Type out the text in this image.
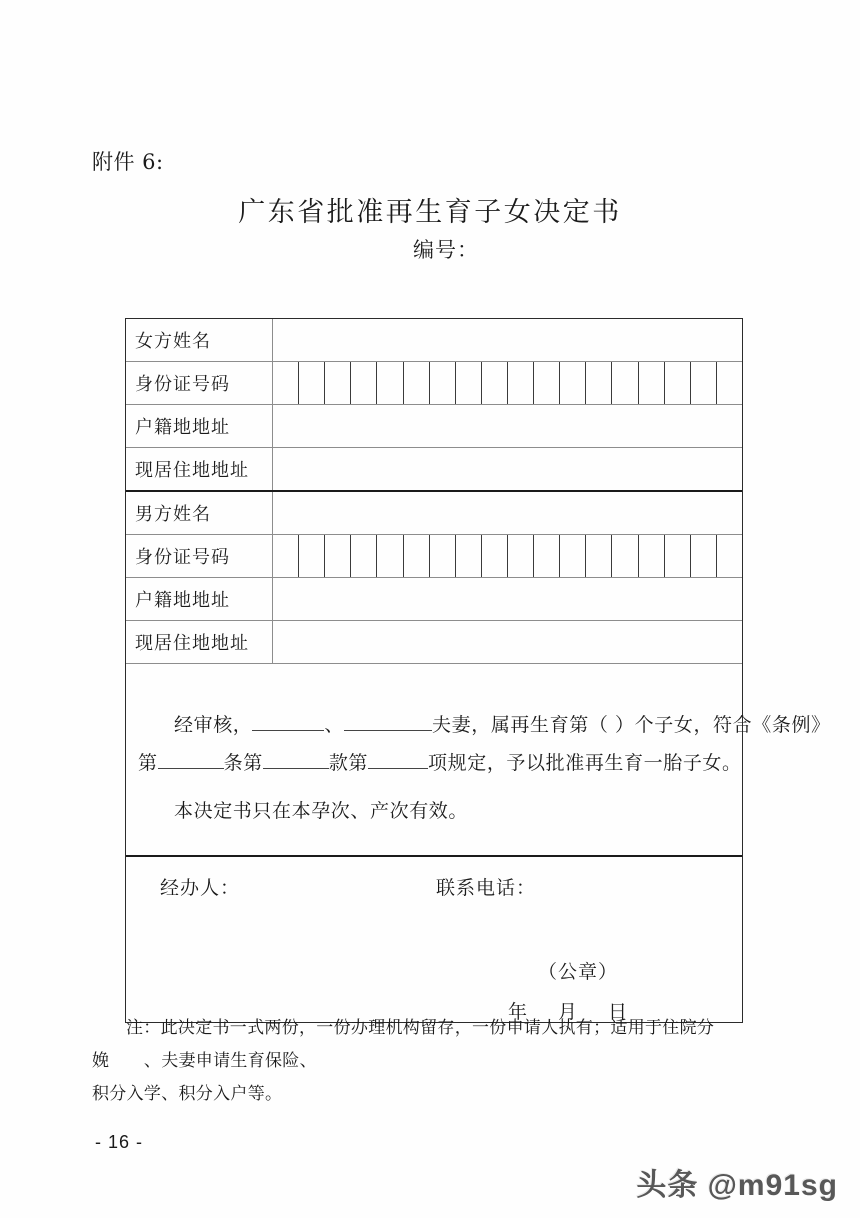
附件 6:
广东省批准再生育子女决定书
编号：
女方姓名	
身份证号码	

户籍地地址	
现居住地地址	
男方姓名	
身份证号码	

户籍地地址	
现居住地地址	

经审核， 、 夫妻，属再生育第（ ）个子女，符合《条例》
第 条第 款第 项规定，予以批准再生育一胎子女。
本决定书只在本孕次、产次有效。	

经办人： 联系电话：
（公章）
年 月 日	
注：此决定书一式两份，一份办理机构留存，一份申请人执有；适用于住院分娩　　、夫妻申请生育保险、
积分入学、积分入户等。
- 16 -
头条 @m91sg
